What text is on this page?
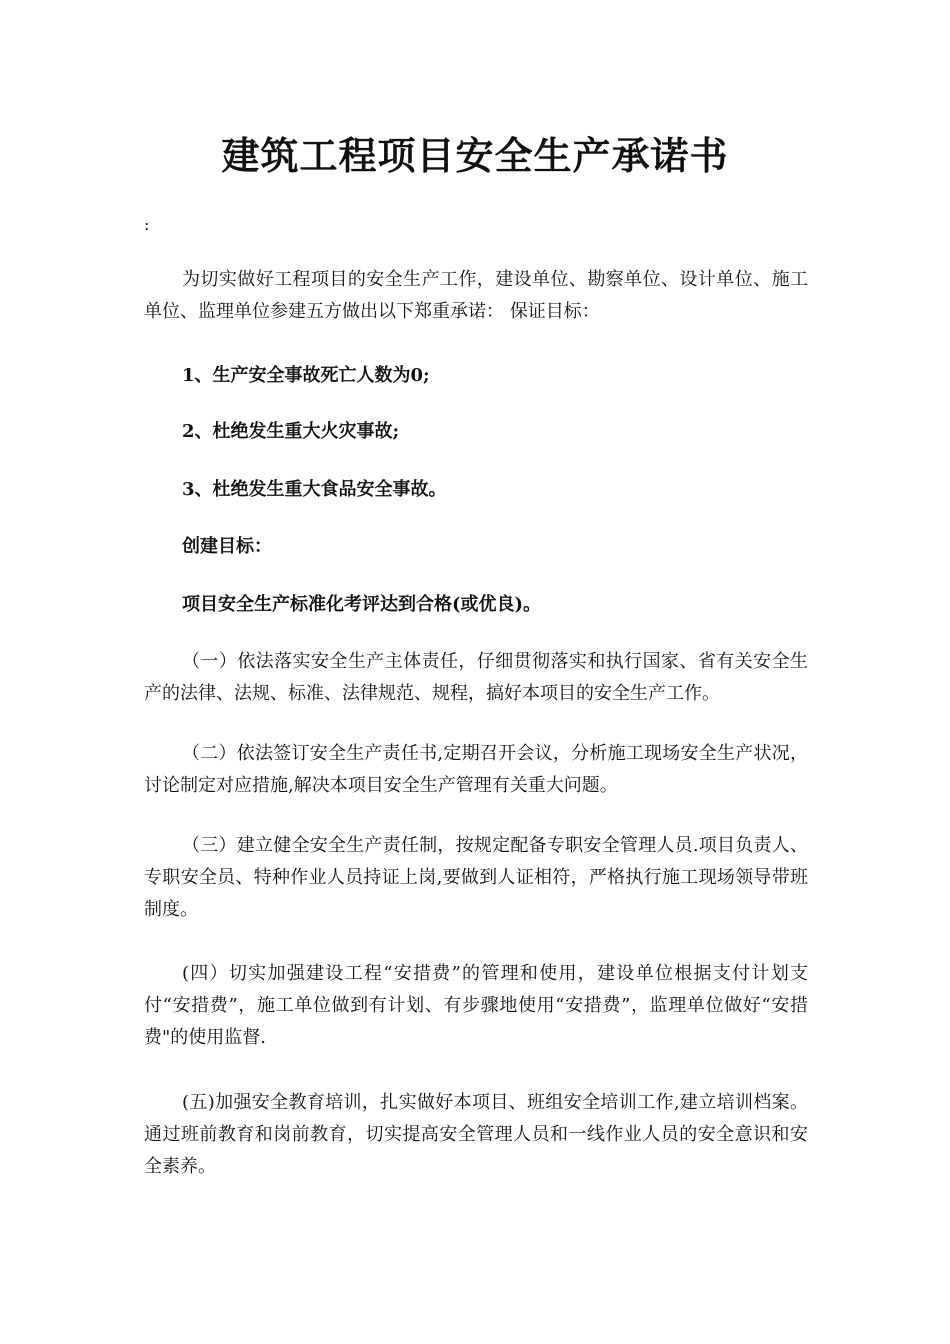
建筑工程项目安全生产承诺书
:
为切实做好工程项目的安全生产工作，建设单位、勘察单位、设计单位、施工单位、监理单位参建五方做出以下郑重承诺： 保证目标：
1、生产安全事故死亡人数为0;
2、杜绝发生重大火灾事故;
3、杜绝发生重大食品安全事故。
创建目标：
项目安全生产标准化考评达到合格(或优良)。
（一）依法落实安全生产主体责任，仔细贯彻落实和执行国家、省有关安全生产的法律、法规、标准、法律规范、规程，搞好本项目的安全生产工作。
（二）依法签订安全生产责任书,定期召开会议，分析施工现场安全生产状况，讨论制定对应措施,解决本项目安全生产管理有关重大问题。
（三）建立健全安全生产责任制，按规定配备专职安全管理人员.项目负责人、专职安全员、特种作业人员持证上岗,要做到人证相符，严格执行施工现场领导带班制度。
(四）切实加强建设工程“安措费”的管理和使用，建设单位根据支付计划支付“安措费”，施工单位做到有计划、有步骤地使用“安措费”，监理单位做好“安措费"的使用监督.
(五)加强安全教育培训，扎实做好本项目、班组安全培训工作,建立培训档案。通过班前教育和岗前教育，切实提高安全管理人员和一线作业人员的安全意识和安全素养。
